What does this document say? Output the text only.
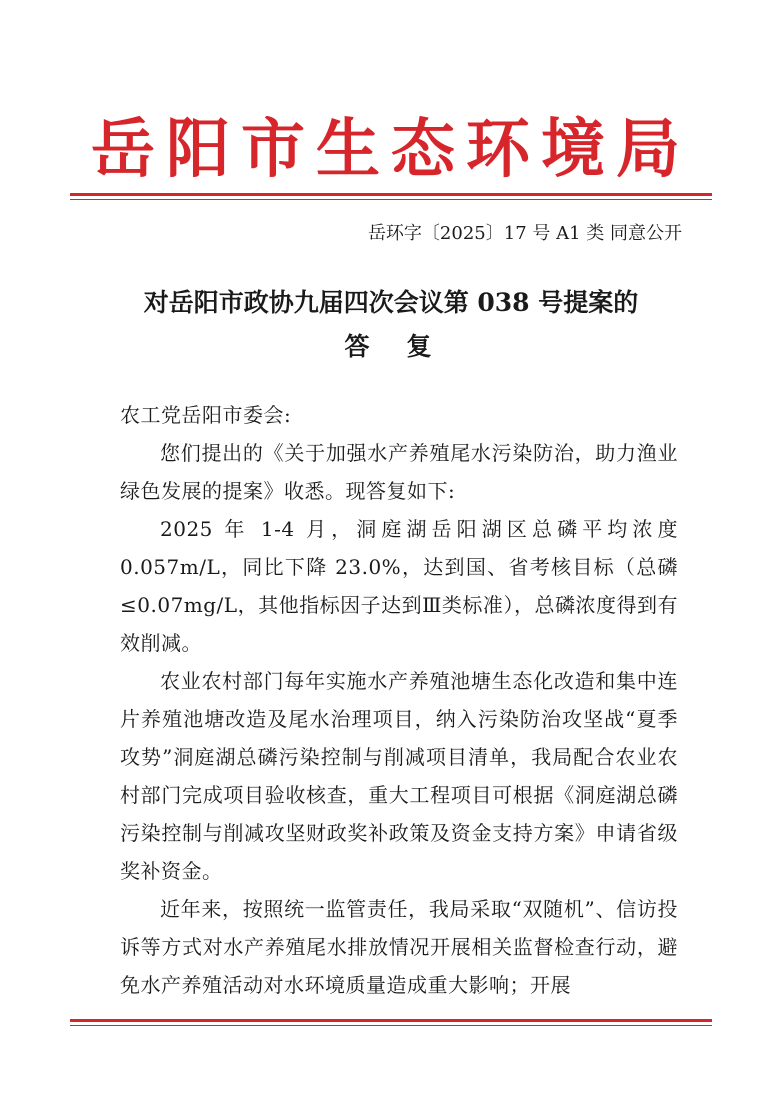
岳阳市生态环境局
岳环字〔2025〕17 号 A1 类 同意公开
对岳阳市政协九届四次会议第 038 号提案的
答　复

农工党岳阳市委会:

您们提出的《关于加强水产养殖尾水污染防治，助力渔业绿色发展的提案》收悉。现答复如下:

2025 年 1-4 月，洞庭湖岳阳湖区总磷平均浓度 0.057m/L，同比下降 23.0%，达到国、省考核目标（总磷≤0.07mg/L，其他指标因子达到Ⅲ类标准），总磷浓度得到有效削减。

农业农村部门每年实施水产养殖池塘生态化改造和集中连片养殖池塘改造及尾水治理项目，纳入污染防治攻坚战“夏季攻势”洞庭湖总磷污染控制与削减项目清单，我局配合农业农村部门完成项目验收核查，重大工程项目可根据《洞庭湖总磷污染控制与削减攻坚财政奖补政策及资金支持方案》申请省级奖补资金。

近年来，按照统一监管责任，我局采取“双随机”、信访投诉等方式对水产养殖尾水排放情况开展相关监督检查行动，避免水产养殖活动对水环境质量造成重大影响；开展
